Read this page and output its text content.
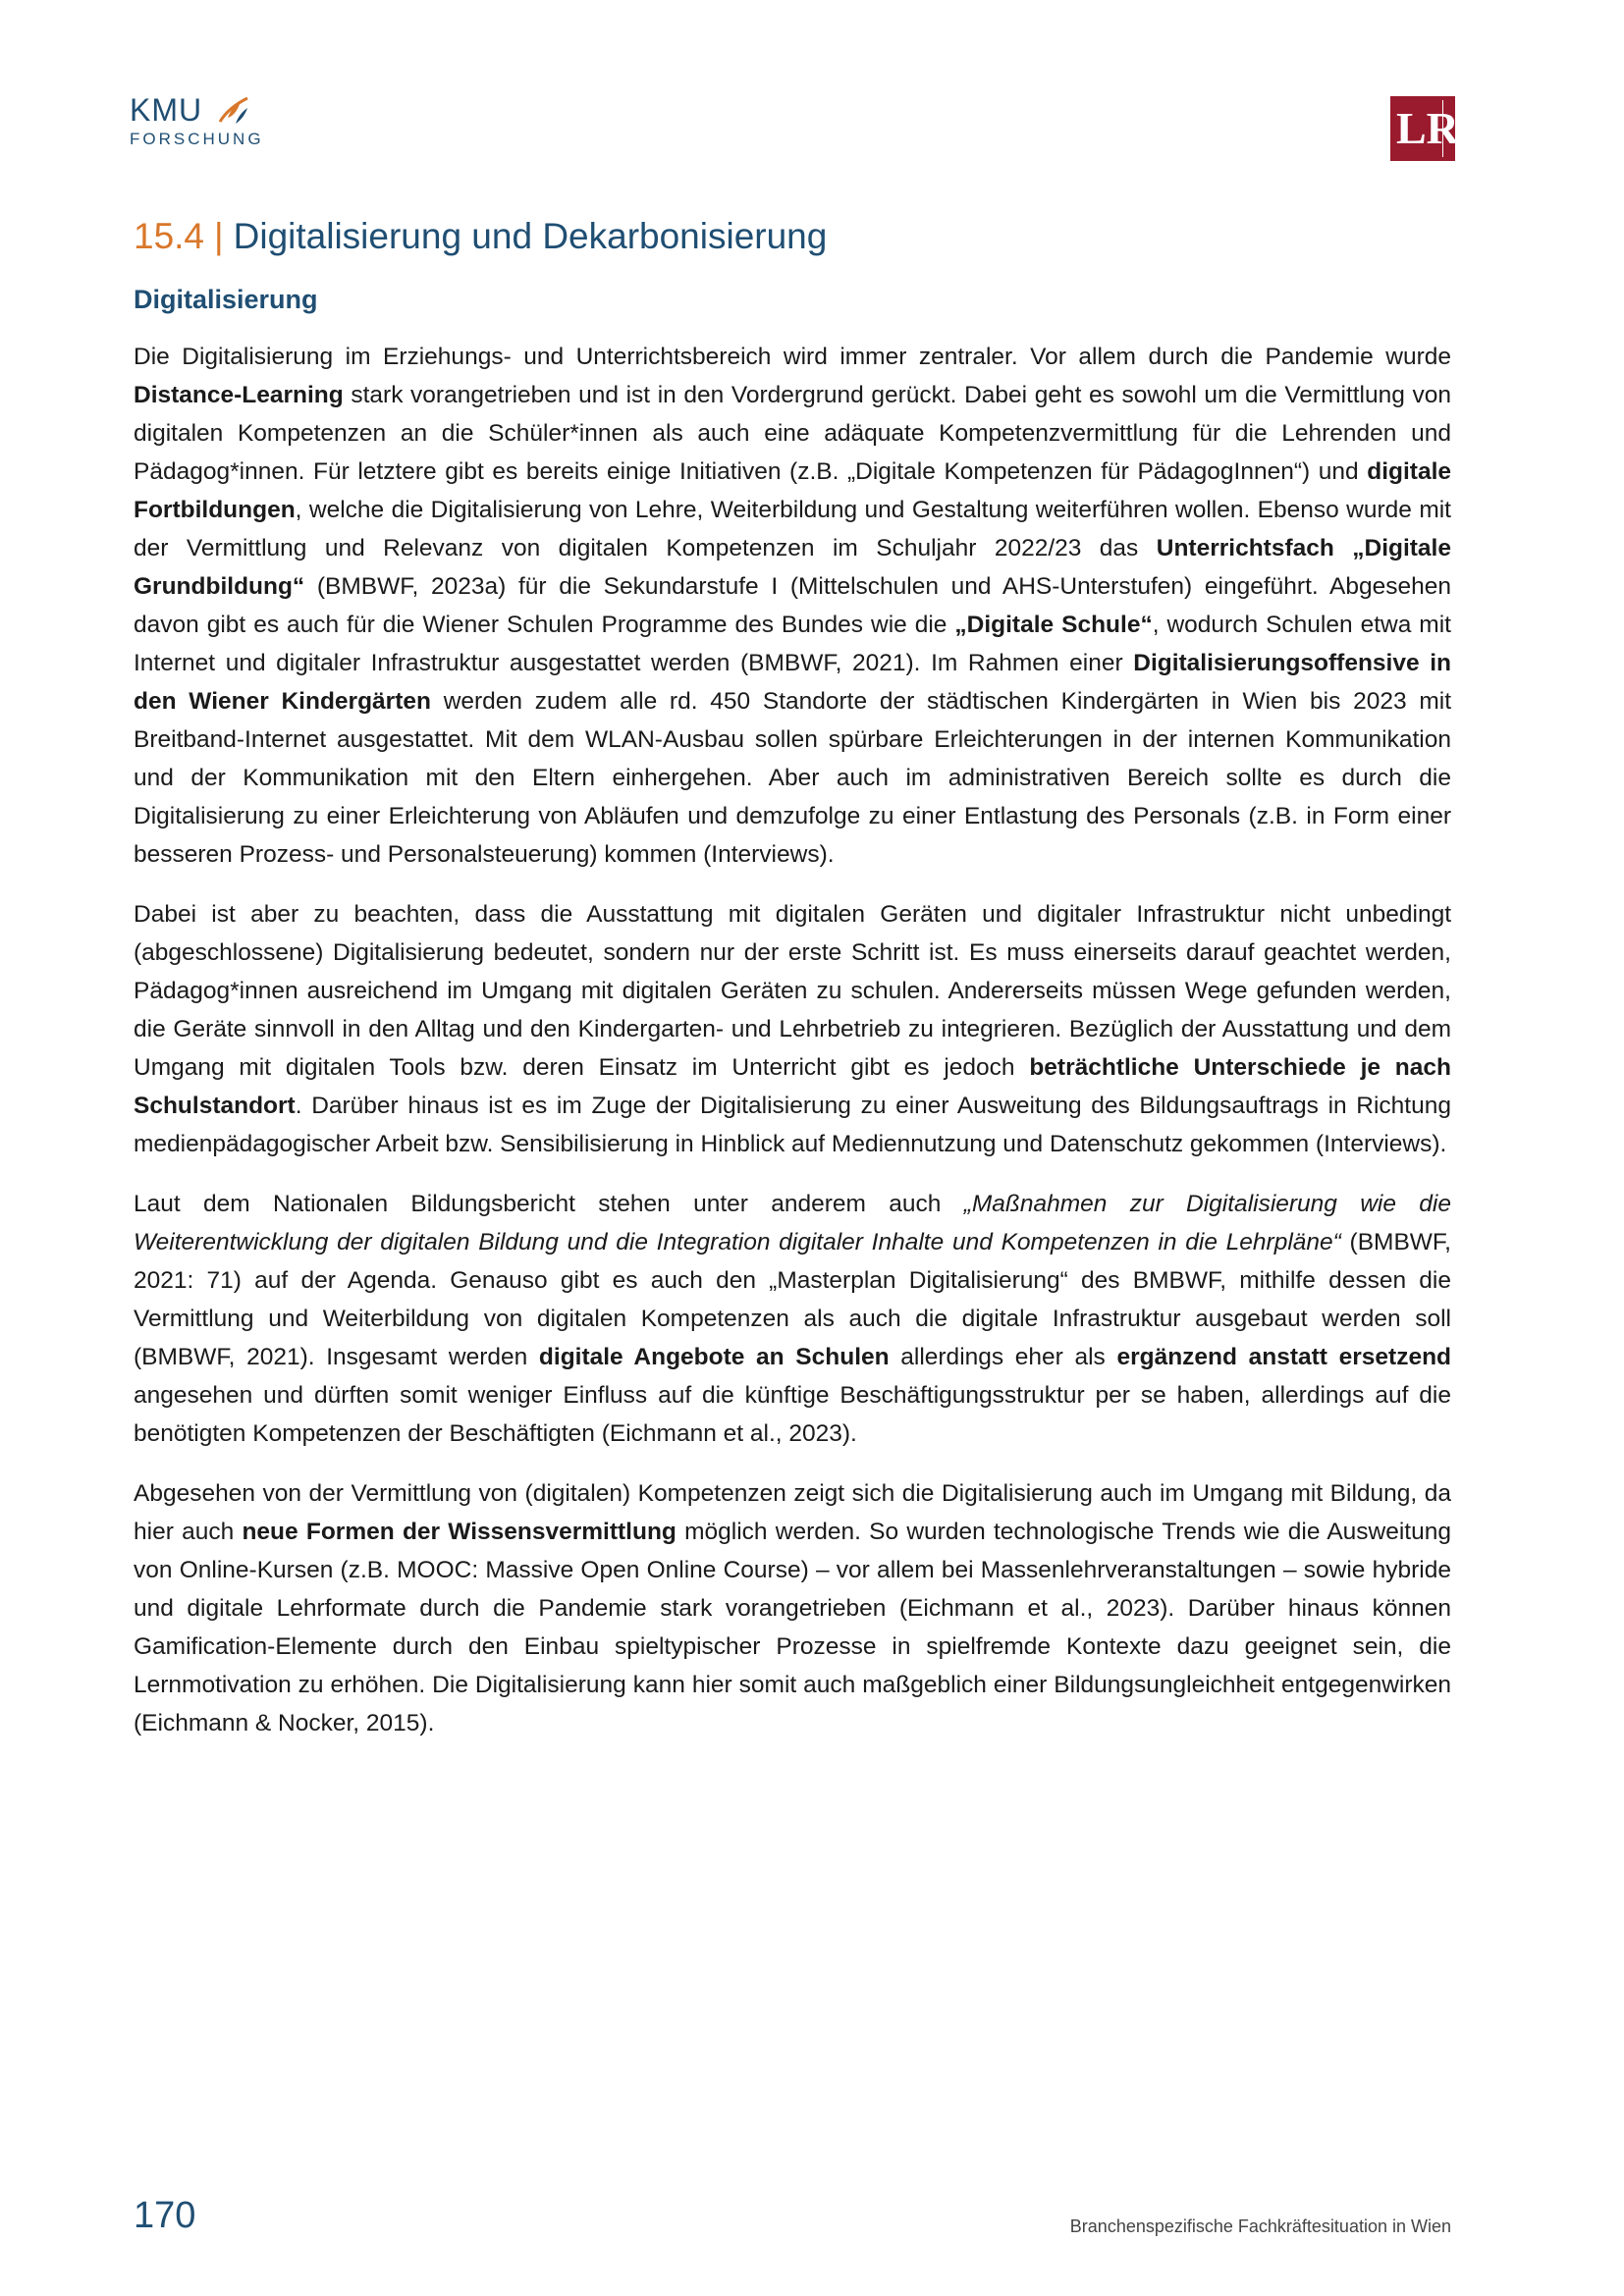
KMU
FORSCHUNG	LR
15.4 | Digitalisierung und Dekarbonisierung
Digitalisierung

Die Digitalisierung im Erziehungs- und Unterrichtsbereich wird immer zentraler. Vor allem durch die Pandemie wurde Distance-Learning stark vorangetrieben und ist in den Vordergrund gerückt. Dabei geht es sowohl um die Vermittlung von digitalen Kompetenzen an die Schüler*innen als auch eine adäquate Kompetenzvermittlung für die Lehrenden und Pädagog*innen. Für letztere gibt es bereits einige Initiativen (z.B. „Digitale Kompetenzen für PädagogInnen“) und digitale Fortbildungen, welche die Digitalisierung von Lehre, Weiterbildung und Gestaltung weiterführen wollen. Ebenso wurde mit der Vermittlung und Relevanz von digitalen Kompetenzen im Schuljahr 2022/23 das Unterrichtsfach „Digitale Grundbildung“ (BMBWF, 2023a) für die Sekundarstufe I (Mittelschulen und AHS-Unterstufen) eingeführt. Abgesehen davon gibt es auch für die Wiener Schulen Programme des Bundes wie die „Digitale Schule“, wodurch Schulen etwa mit Internet und digitaler Infrastruktur ausgestattet werden (BMBWF, 2021). Im Rahmen einer Digitalisierungsoffensive in den Wiener Kindergärten werden zudem alle rd. 450 Standorte der städtischen Kindergärten in Wien bis 2023 mit Breitband-Internet ausgestattet. Mit dem WLAN-Ausbau sollen spürbare Erleichterungen in der internen Kommunikation und der Kommunikation mit den Eltern einhergehen. Aber auch im administrativen Bereich sollte es durch die Digitalisierung zu einer Erleichterung von Abläufen und demzufolge zu einer Entlastung des Personals (z.B. in Form einer besseren Prozess- und Personalsteuerung) kommen (Interviews).

Dabei ist aber zu beachten, dass die Ausstattung mit digitalen Geräten und digitaler Infrastruktur nicht unbedingt (abgeschlossene) Digitalisierung bedeutet, sondern nur der erste Schritt ist. Es muss einerseits darauf geachtet werden, Pädagog*innen ausreichend im Umgang mit digitalen Geräten zu schulen. Andererseits müssen Wege gefunden werden, die Geräte sinnvoll in den Alltag und den Kindergarten- und Lehrbetrieb zu integrieren. Bezüglich der Ausstattung und dem Umgang mit digitalen Tools bzw. deren Einsatz im Unterricht gibt es jedoch beträchtliche Unterschiede je nach Schulstandort. Darüber hinaus ist es im Zuge der Digitalisierung zu einer Ausweitung des Bildungsauftrags in Richtung medienpädagogischer Arbeit bzw. Sensibilisierung in Hinblick auf Mediennutzung und Datenschutz gekommen (Interviews).

Laut dem Nationalen Bildungsbericht stehen unter anderem auch „Maßnahmen zur Digitalisierung wie die Weiterentwicklung der digitalen Bildung und die Integration digitaler Inhalte und Kompetenzen in die Lehrpläne“ (BMBWF, 2021: 71) auf der Agenda. Genauso gibt es auch den „Masterplan Digitalisierung“ des BMBWF, mithilfe dessen die Vermittlung und Weiterbildung von digitalen Kompetenzen als auch die digitale Infrastruktur ausgebaut werden soll (BMBWF, 2021). Insgesamt werden digitale Angebote an Schulen allerdings eher als ergänzend anstatt ersetzend angesehen und dürften somit weniger Einfluss auf die künftige Beschäftigungsstruktur per se haben, allerdings auf die benötigten Kompetenzen der Beschäftigten (Eichmann et al., 2023).

Abgesehen von der Vermittlung von (digitalen) Kompetenzen zeigt sich die Digitalisierung auch im Umgang mit Bildung, da hier auch neue Formen der Wissensvermittlung möglich werden. So wurden technologische Trends wie die Ausweitung von Online-Kursen (z.B. MOOC: Massive Open Online Course) – vor allem bei Massenlehrveranstaltungen – sowie hybride und digitale Lehrformate durch die Pandemie stark vorangetrieben (Eichmann et al., 2023). Darüber hinaus können Gamification-Elemente durch den Einbau spieltypischer Prozesse in spielfremde Kontexte dazu geeignet sein, die Lernmotivation zu erhöhen. Die Digitalisierung kann hier somit auch maßgeblich einer Bildungsungleichheit entgegenwirken (Eichmann & Nocker, 2015).

170	Branchenspezifische Fachkräftesituation in Wien
